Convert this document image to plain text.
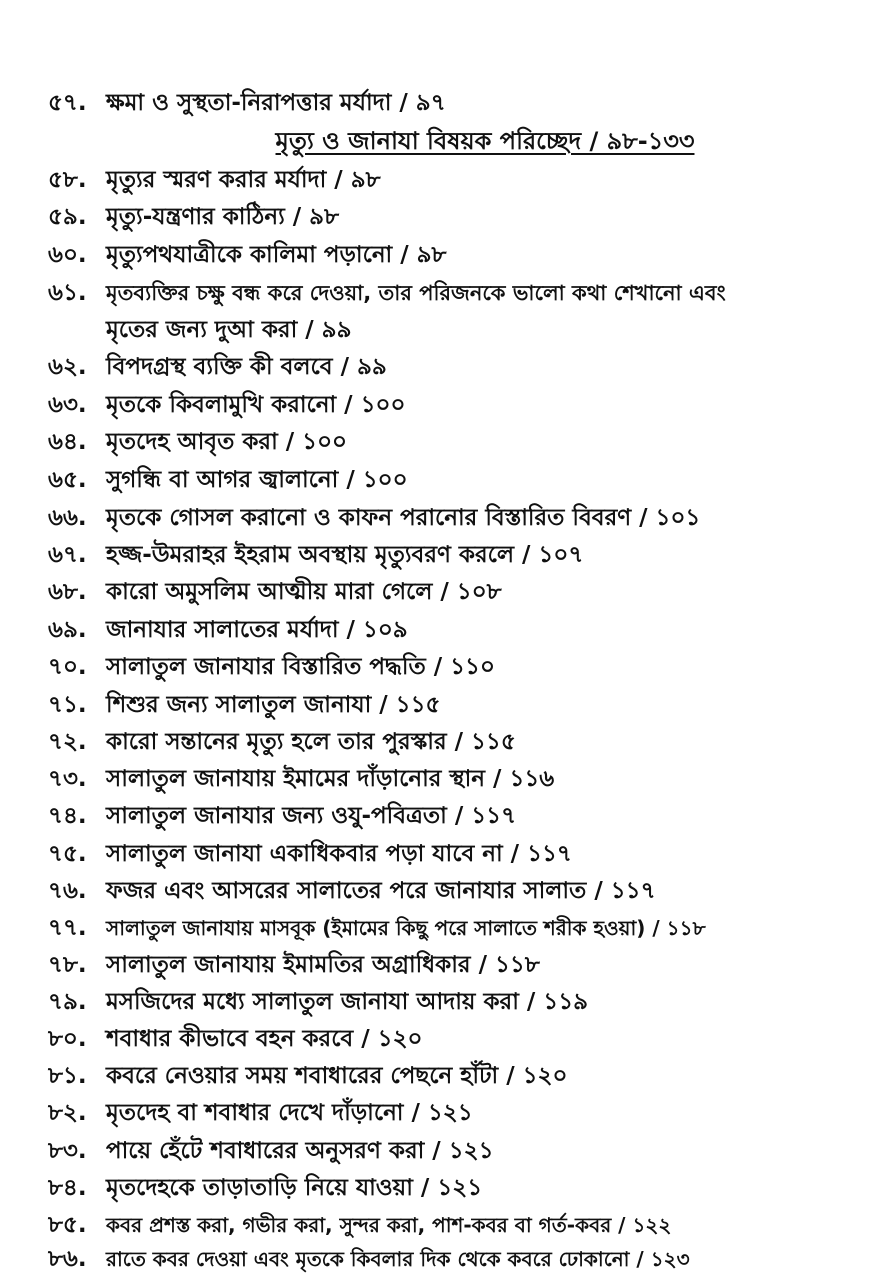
৫৭. ক্ষমা ও সুস্থতা-নিরাপত্তার মর্যাদা / ৯৭
মৃত্যু ও জানাযা বিষয়ক পরিচ্ছেদ / ৯৮-১৩৩
৫৮. মৃত্যুর স্মরণ করার মর্যাদা / ৯৮
৫৯. মৃত্যু-যন্ত্রণার কাঠিন্য / ৯৮
৬০. মৃত্যুপথযাত্রীকে কালিমা পড়ানো / ৯৮
৬১. মৃতব্যক্তির চক্ষু বন্ধ করে দেওয়া, তার পরিজনকে ভালো কথা শেখানো এবং
মৃতের জন্য দুআ করা / ৯৯
৬২. বিপদগ্রস্থ ব্যক্তি কী বলবে / ৯৯
৬৩. মৃতকে কিবলামুখি করানো / ১০০
৬৪. মৃতদেহ আবৃত করা / ১০০
৬৫. সুগন্ধি বা আগর জ্বালানো / ১০০
৬৬. মৃতকে গোসল করানো ও কাফন পরানোর বিস্তারিত বিবরণ / ১০১
৬৭. হজ্জ-উমরাহর ইহরাম অবস্থায় মৃত্যুবরণ করলে / ১০৭
৬৮. কারো অমুসলিম আত্মীয় মারা গেলে / ১০৮
৬৯. জানাযার সালাতের মর্যাদা / ১০৯
৭০. সালাতুল জানাযার বিস্তারিত পদ্ধতি / ১১০
৭১. শিশুর জন্য সালাতুল জানাযা / ১১৫
৭২. কারো সন্তানের মৃত্যু হলে তার পুরস্কার / ১১৫
৭৩. সালাতুল জানাযায় ইমামের দাঁড়ানোর স্থান / ১১৬
৭৪. সালাতুল জানাযার জন্য ওযু-পবিত্রতা / ১১৭
৭৫. সালাতুল জানাযা একাধিকবার পড়া যাবে না / ১১৭
৭৬. ফজর এবং আসরের সালাতের পরে জানাযার সালাত / ১১৭
৭৭. সালাতুল জানাযায় মাসবূক (ইমামের কিছু পরে সালাতে শরীক হওয়া) / ১১৮
৭৮. সালাতুল জানাযায় ইমামতির অগ্রাধিকার / ১১৮
৭৯. মসজিদের মধ্যে সালাতুল জানাযা আদায় করা / ১১৯
৮০. শবাধার কীভাবে বহন করবে / ১২০
৮১. কবরে নেওয়ার সময় শবাধারের পেছনে হাঁটা / ১২০
৮২. মৃতদেহ বা শবাধার দেখে দাঁড়ানো / ১২১
৮৩. পায়ে হেঁটে শবাধারের অনুসরণ করা / ১২১
৮৪. মৃতদেহকে তাড়াতাড়ি নিয়ে যাওয়া / ১২১
৮৫. কবর প্রশস্ত করা, গভীর করা, সুন্দর করা, পাশ-কবর বা গর্ত-কবর / ১২২
৮৬. রাতে কবর দেওয়া এবং মৃতকে কিবলার দিক থেকে কবরে ঢোকানো / ১২৩
